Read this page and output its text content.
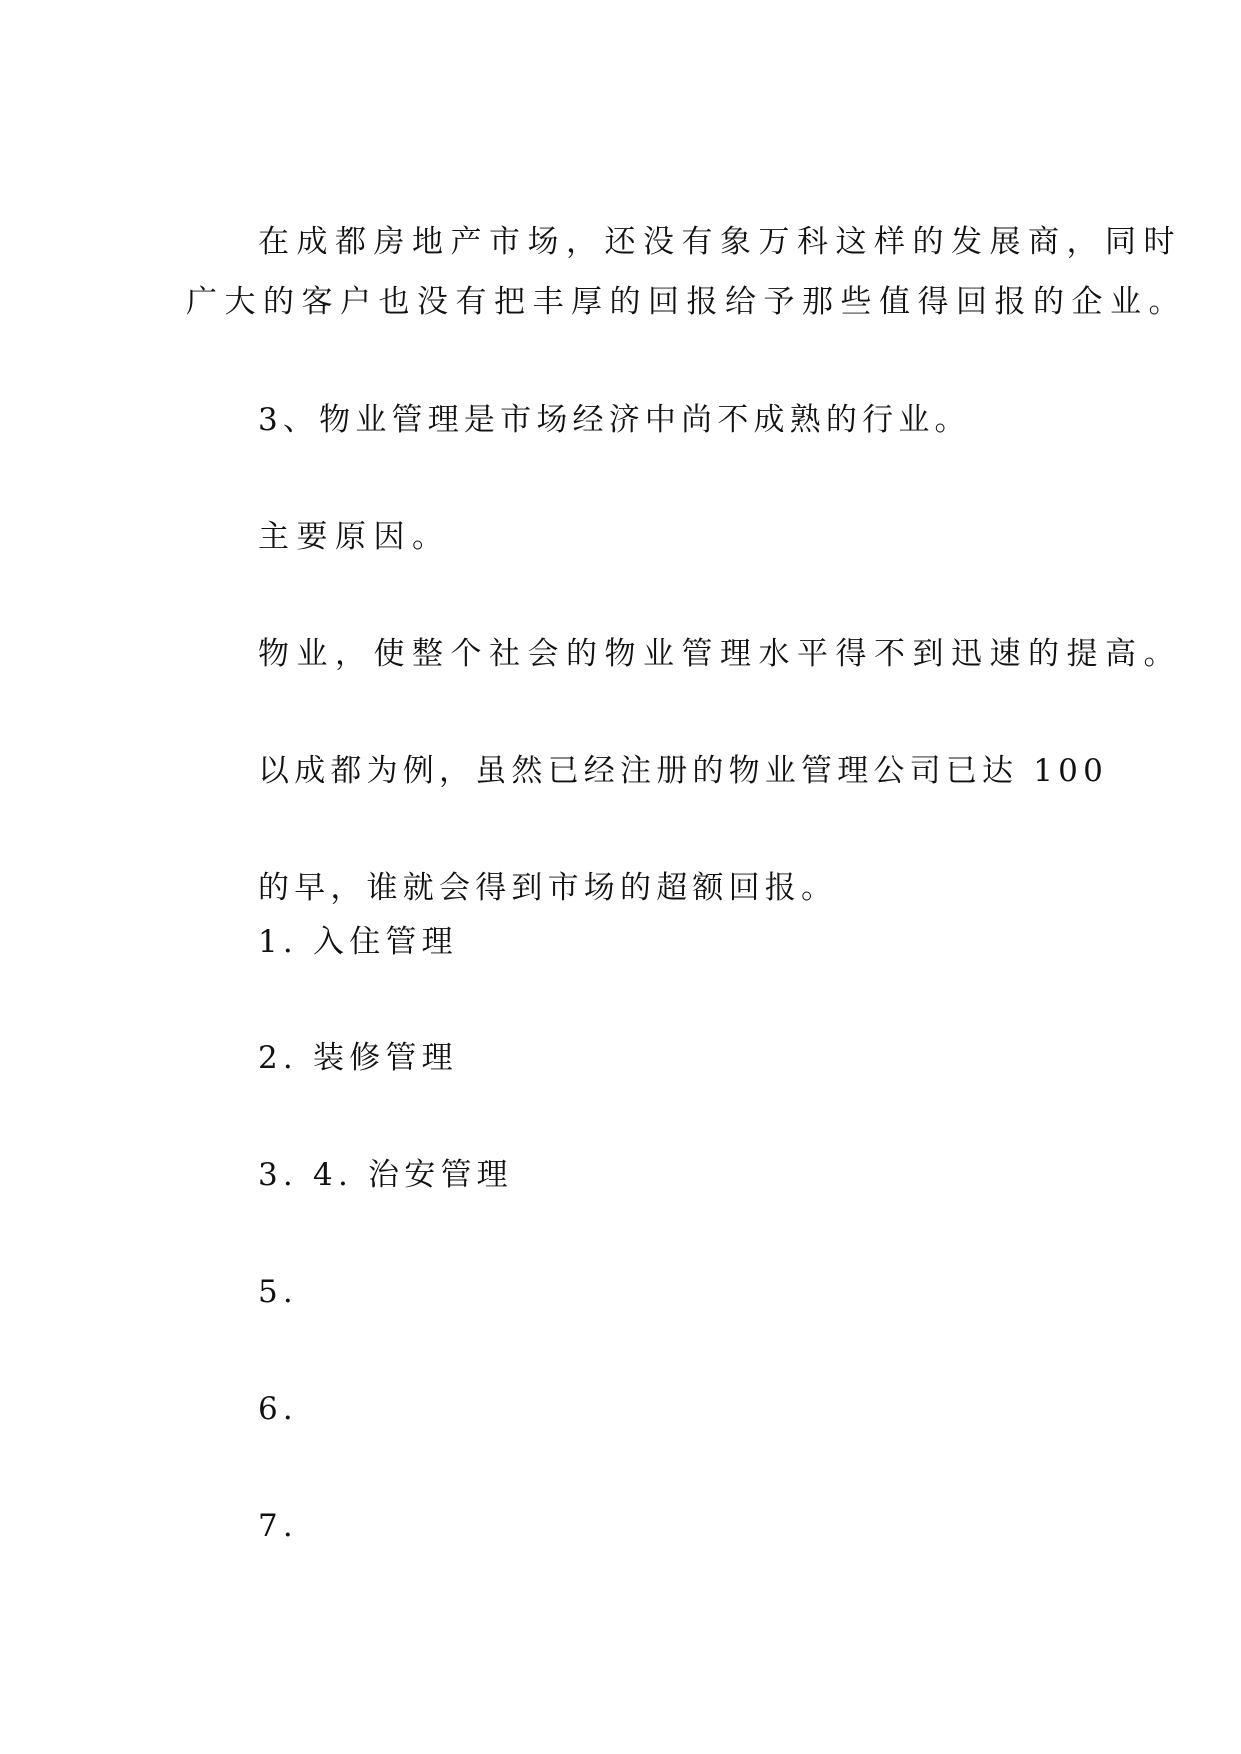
在成都房地产市场，还没有象万科这样的发展商，同时

广大的客户也没有把丰厚的回报给予那些值得回报的企业。

3、物业管理是市场经济中尚不成熟的行业。

主要原因。

物业，使整个社会的物业管理水平得不到迅速的提高。

以成都为例，虽然已经注册的物业管理公司已达 100

的早，谁就会得到市场的超额回报。

1. 入住管理

2. 装修管理

3. 4. 治安管理

5.

6.

7.
